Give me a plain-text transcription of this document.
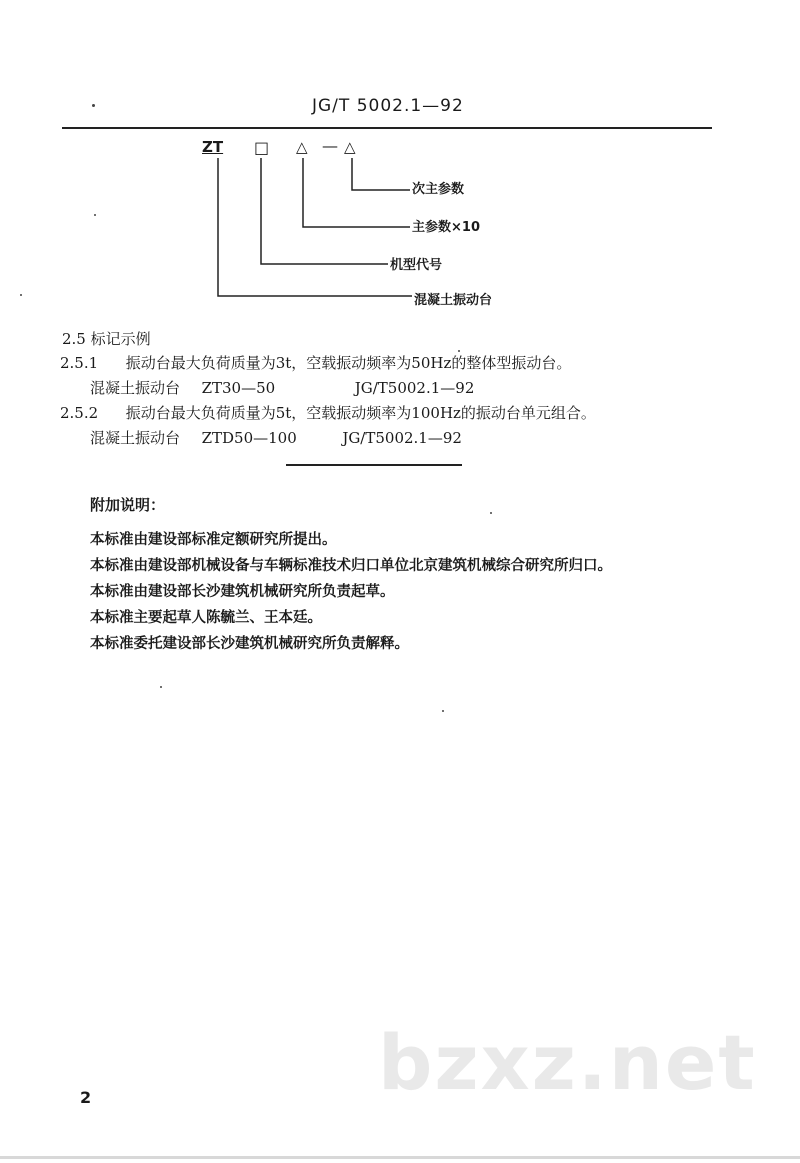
JG/T 5002.1—92
ZT □ △ — △
次主参数
主参数×10
机型代号
混凝土振动台
2.5 标记示例
2.5.1 振动台最大负荷质量为3t，空载振动频率为50Hz的整体型振动台。
混凝土振动台 ZT30—50	JG/T5002.1—92
2.5.2 振动台最大负荷质量为5t，空载振动频率为100Hz的振动台单元组合。
混凝土振动台 ZTD50—100	JG/T5002.1—92
附加说明：
本标准由建设部标准定额研究所提出。
本标准由建设部机械设备与车辆标准技术归口单位北京建筑机械综合研究所归口。
本标准由建设部长沙建筑机械研究所负责起草。
本标准主要起草人陈毓兰、王本廷。
本标准委托建设部长沙建筑机械研究所负责解释。
bzxz.net
2
